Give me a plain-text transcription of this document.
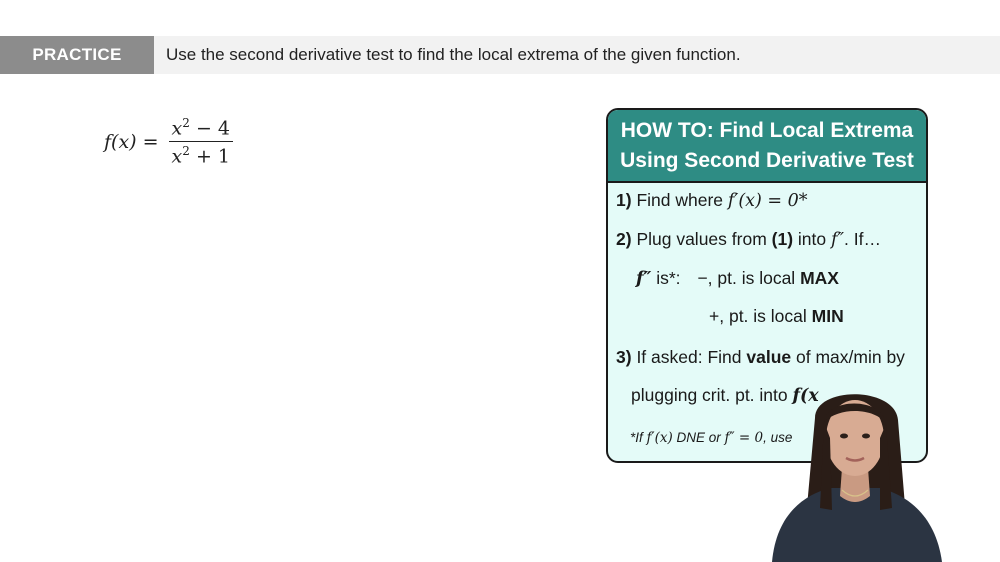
PRACTICE	Use the second derivative test to find the local extrema of the given function.
$f(x) = \frac{x^2 - 4}{x^2 + 1}$	HOW TO: Find Local Extrema
Using Second Derivative Test
1) Find where f′(x) = 0*
2) Plug values from (1) into f″. If…
f″ is*: −, pt. is local MAX
+, pt. is local MIN
3) If asked: Find value of max/min by
plugging crit. pt. into f(x
*If f′(x) DNE or f″ = 0, use
